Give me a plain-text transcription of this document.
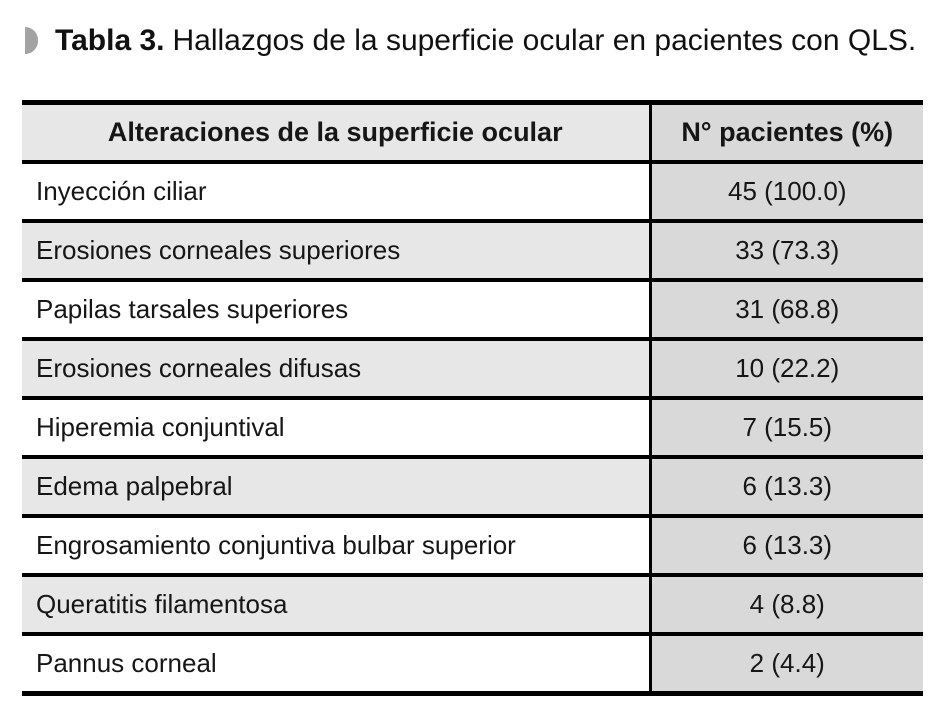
Tabla 3. Hallazgos de la superficie ocular en pacientes con QLS.
Alteraciones de la superficie ocular	N° pacientes (%)
Inyección ciliar	45 (100.0)
Erosiones corneales superiores	33 (73.3)
Papilas tarsales superiores	31 (68.8)
Erosiones corneales difusas	10 (22.2)
Hiperemia conjuntival	7 (15.5)
Edema palpebral	6 (13.3)
Engrosamiento conjuntiva bulbar superior	6 (13.3)
Queratitis filamentosa	4 (8.8)
Pannus corneal	2 (4.4)
